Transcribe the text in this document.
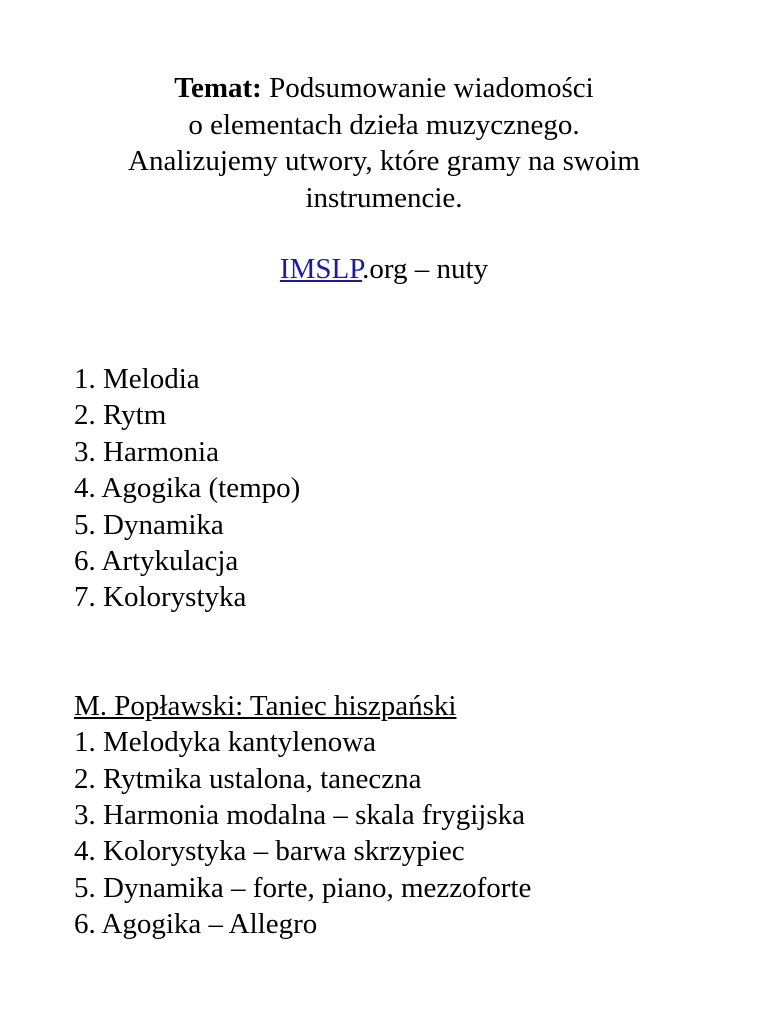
Temat: Podsumowanie wiadomości
o elementach dzieła muzycznego.
Analizujemy utwory, które gramy na swoim
instrumencie.
IMSLP.org – nuty
1. Melodia
2. Rytm
3. Harmonia
4. Agogika (tempo)
5. Dynamika
6. Artykulacja
7. Kolorystyka
M. Popławski: Taniec hiszpański
1. Melodyka kantylenowa
2. Rytmika ustalona, taneczna
3. Harmonia modalna – skala frygijska
4. Kolorystyka – barwa skrzypiec
5. Dynamika – forte, piano, mezzoforte
6. Agogika – Allegro
